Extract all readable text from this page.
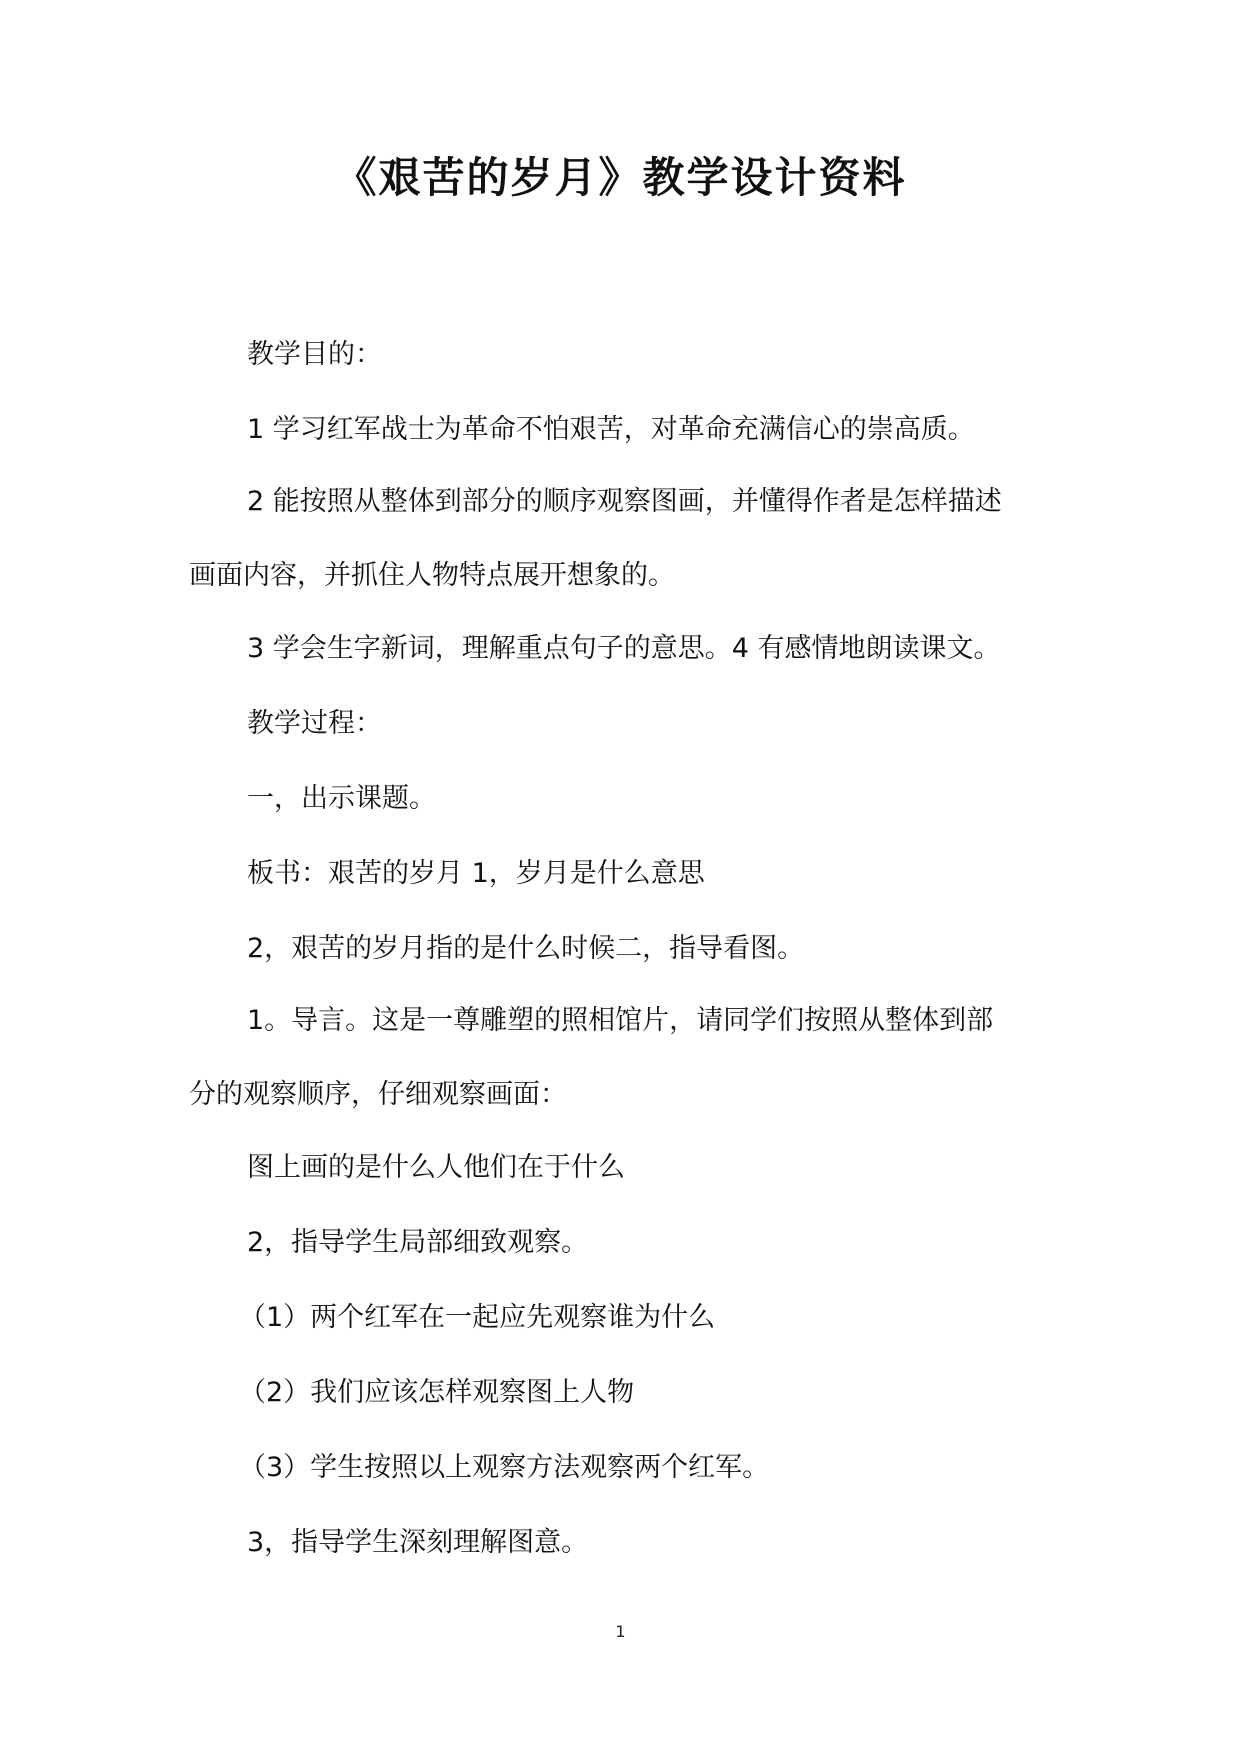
《艰苦的岁月》教学设计资料

教学目的：

1 学习红军战士为革命不怕艰苦，对革命充满信心的崇高质。

2 能按照从整体到部分的顺序观察图画，并懂得作者是怎样描述
画面内容，并抓住人物特点展开想象的。

3 学会生字新词，理解重点句子的意思。4 有感情地朗读课文。

教学过程：

一，出示课题。

板书：艰苦的岁月 1，岁月是什么意思

2，艰苦的岁月指的是什么时候二，指导看图。

1。导言。这是一尊雕塑的照相馆片，请同学们按照从整体到部
分的观察顺序，仔细观察画面：

图上画的是什么人他们在于什么

2，指导学生局部细致观察。

（1）两个红军在一起应先观察谁为什么

（2）我们应该怎样观察图上人物

（3）学生按照以上观察方法观察两个红军。

3，指导学生深刻理解图意。

1
